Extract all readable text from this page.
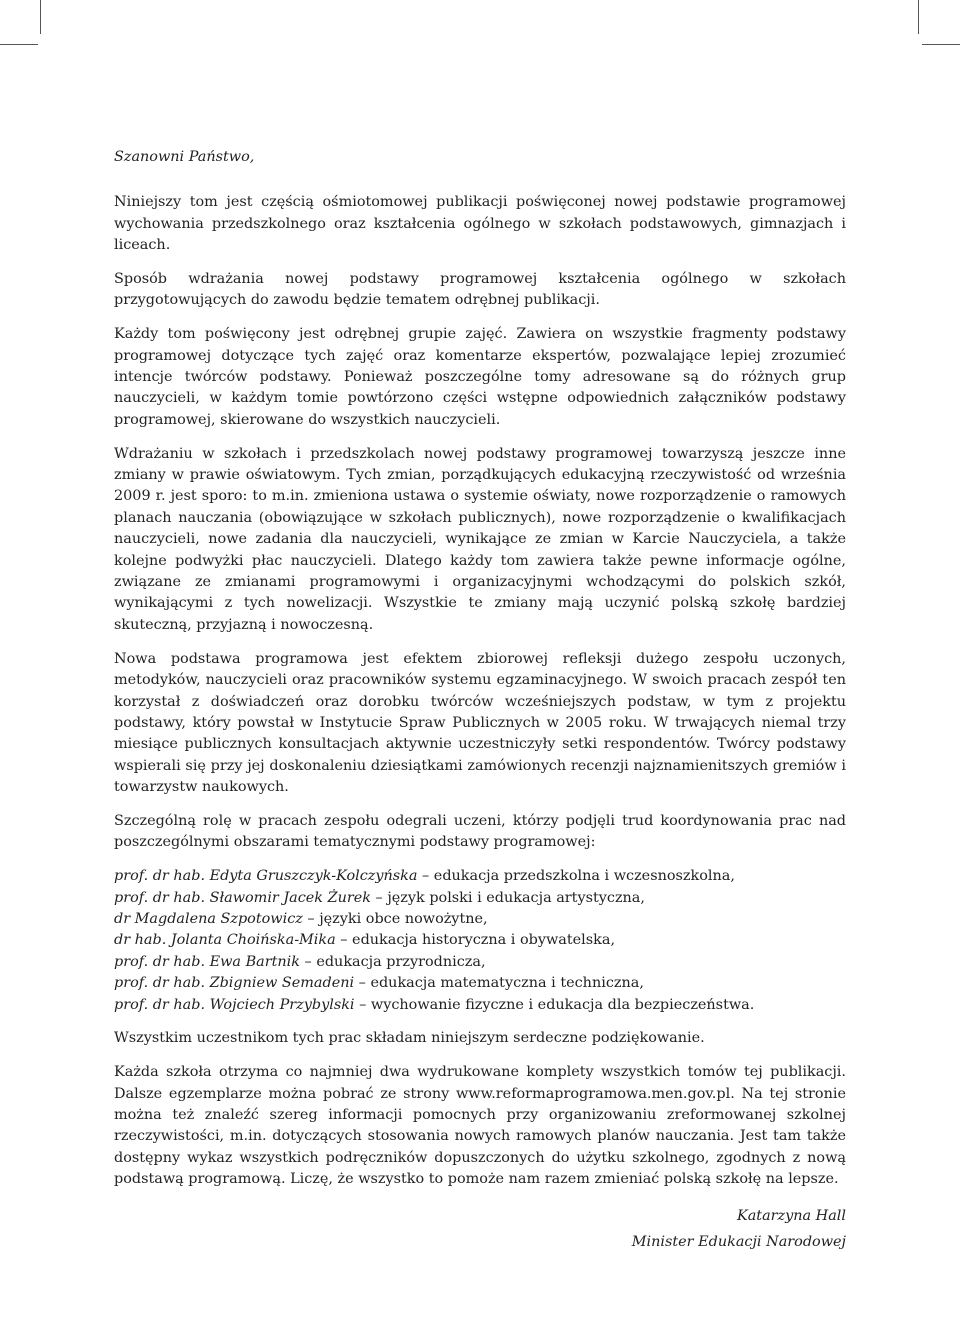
Szanowni Państwo,

Niniejszy tom jest częścią ośmiotomowej publikacji poświęconej nowej podstawie programowej wychowania przedszkolnego oraz kształcenia ogólnego w szkołach podstawowych, gimnazjach i liceach.

Sposób wdrażania nowej podstawy programowej kształcenia ogólnego w szkołach przygotowujących do zawodu będzie tematem odrębnej publikacji.

Każdy tom poświęcony jest odrębnej grupie zajęć. Zawiera on wszystkie fragmenty podstawy programowej dotyczące tych zajęć oraz komentarze ekspertów, pozwalające lepiej zrozumieć intencje twórców podstawy. Ponieważ poszczególne tomy adresowane są do różnych grup nauczycieli, w każdym tomie powtórzono części wstępne odpowiednich załączników podstawy programowej, skierowane do wszystkich nauczycieli.

Wdrażaniu w szkołach i przedszkolach nowej podstawy programowej towarzyszą jeszcze inne zmiany w prawie oświatowym. Tych zmian, porządkujących edukacyjną rzeczywistość od września 2009 r. jest sporo: to m.in. zmieniona ustawa o systemie oświaty, nowe rozporządzenie o ramowych planach nauczania (obowiązujące w szkołach publicznych), nowe rozporządzenie o kwalifikacjach nauczycieli, nowe zadania dla nauczycieli, wynikające ze zmian w Karcie Nauczyciela, a także kolejne podwyżki płac nauczycieli. Dlatego każdy tom zawiera także pewne informacje ogólne, związane ze zmianami programowymi i organizacyjnymi wchodzącymi do polskich szkół, wynikającymi z tych nowelizacji. Wszystkie te zmiany mają uczynić polską szkołę bardziej skuteczną, przyjazną i nowoczesną.

Nowa podstawa programowa jest efektem zbiorowej refleksji dużego zespołu uczonych, metodyków, nauczycieli oraz pracowników systemu egzaminacyjnego. W swoich pracach zespół ten korzystał z doświadczeń oraz dorobku twórców wcześniejszych podstaw, w tym z projektu podstawy, który powstał w Instytucie Spraw Publicznych w 2005 roku. W trwających niemal trzy miesiące publicznych konsultacjach aktywnie uczestniczyły setki respondentów. Twórcy podstawy wspierali się przy jej doskonaleniu dziesiątkami zamówionych recenzji najznamienitszych gremiów i towarzystw naukowych.

Szczególną rolę w pracach zespołu odegrali uczeni, którzy podjęli trud koordynowania prac nad poszczególnymi obszarami tematycznymi podstawy programowej:

prof. dr hab. Edyta Gruszczyk-Kolczyńska – edukacja przedszkolna i wczesnoszkolna,
prof. dr hab. Sławomir Jacek Żurek – język polski i edukacja artystyczna,
dr Magdalena Szpotowicz – języki obce nowożytne,
dr hab. Jolanta Choińska-Mika – edukacja historyczna i obywatelska,
prof. dr hab. Ewa Bartnik – edukacja przyrodnicza,
prof. dr hab. Zbigniew Semadeni – edukacja matematyczna i techniczna,
prof. dr hab. Wojciech Przybylski – wychowanie fizyczne i edukacja dla bezpieczeństwa.

Wszystkim uczestnikom tych prac składam niniejszym serdeczne podziękowanie.

Każda szkoła otrzyma co najmniej dwa wydrukowane komplety wszystkich tomów tej publikacji. Dalsze egzemplarze można pobrać ze strony www.reformaprogramowa.men.gov.pl. Na tej stronie można też znaleźć szereg informacji pomocnych przy organizowaniu zreformowanej szkolnej rzeczywistości, m.in. dotyczących stosowania nowych ramowych planów nauczania. Jest tam także dostępny wykaz wszystkich podręczników dopuszczonych do użytku szkolnego, zgodnych z nową podstawą programową. Liczę, że wszystko to pomoże nam razem zmieniać polską szkołę na lepsze.

Katarzyna Hall

Minister Edukacji Narodowej
